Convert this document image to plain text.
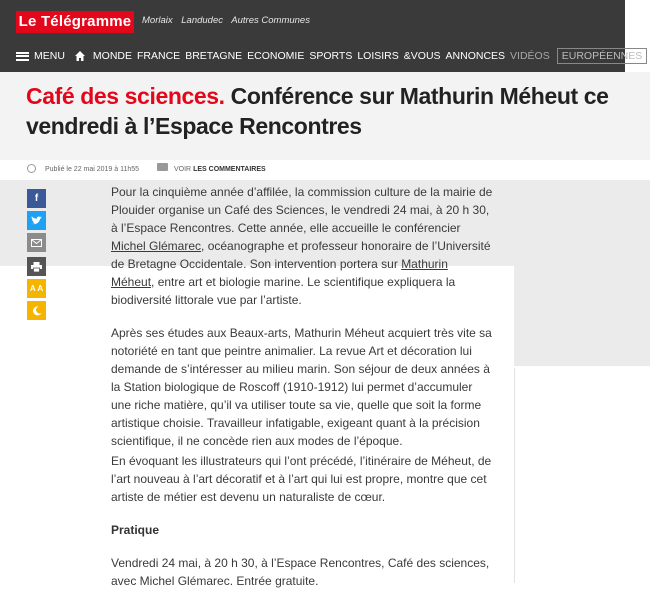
Le Télégramme Morlaix Landudec Autres Communes
MENU	MONDE FRANCE BRETAGNE ECONOMIE SPORTS LOISIRS &VOUS ANNONCES VIDÉOS	EUROPÉENNES
Café des sciences. Conférence sur Mathurin Méheut ce vendredi à l’Espace Rencontres
Publié le 22 mai 2019 à 11h55	VOIR LES COMMENTAIRES
f
A A

Pour la cinquième année d’affilée, la commission culture de la mairie de Plouider organise un Café des Sciences, le vendredi 24 mai, à 20 h 30, à l’Espace Rencontres. Cette année, elle accueille le conférencier Michel Glémarec, océanographe et professeur honoraire de l’Université de Bretagne Occidentale. Son intervention portera sur Mathurin Méheut, entre art et biologie marine. Le scientifique expliquera la biodiversité littorale vue par l’artiste.

Après ses études aux Beaux-arts, Mathurin Méheut acquiert très vite sa notoriété en tant que peintre animalier. La revue Art et décoration lui demande de s’intéresser au milieu marin. Son séjour de deux années à la Station biologique de Roscoff (1910-1912) lui permet d’accumuler une riche matière, qu’il va utiliser toute sa vie, quelle que soit la forme artistique choisie. Travailleur infatigable, exigeant quant à la précision scientifique, il ne concède rien aux modes de l’époque.

En évoquant les illustrateurs qui l’ont précédé, l’itinéraire de Méheut, de l’art nouveau à l’art décoratif et à l’art qui lui est propre, montre que cet artiste de métier est devenu un naturaliste de cœur.

Pratique

Vendredi 24 mai, à 20 h 30, à l’Espace Rencontres, Café des sciences, avec Michel Glémarec. Entrée gratuite.
